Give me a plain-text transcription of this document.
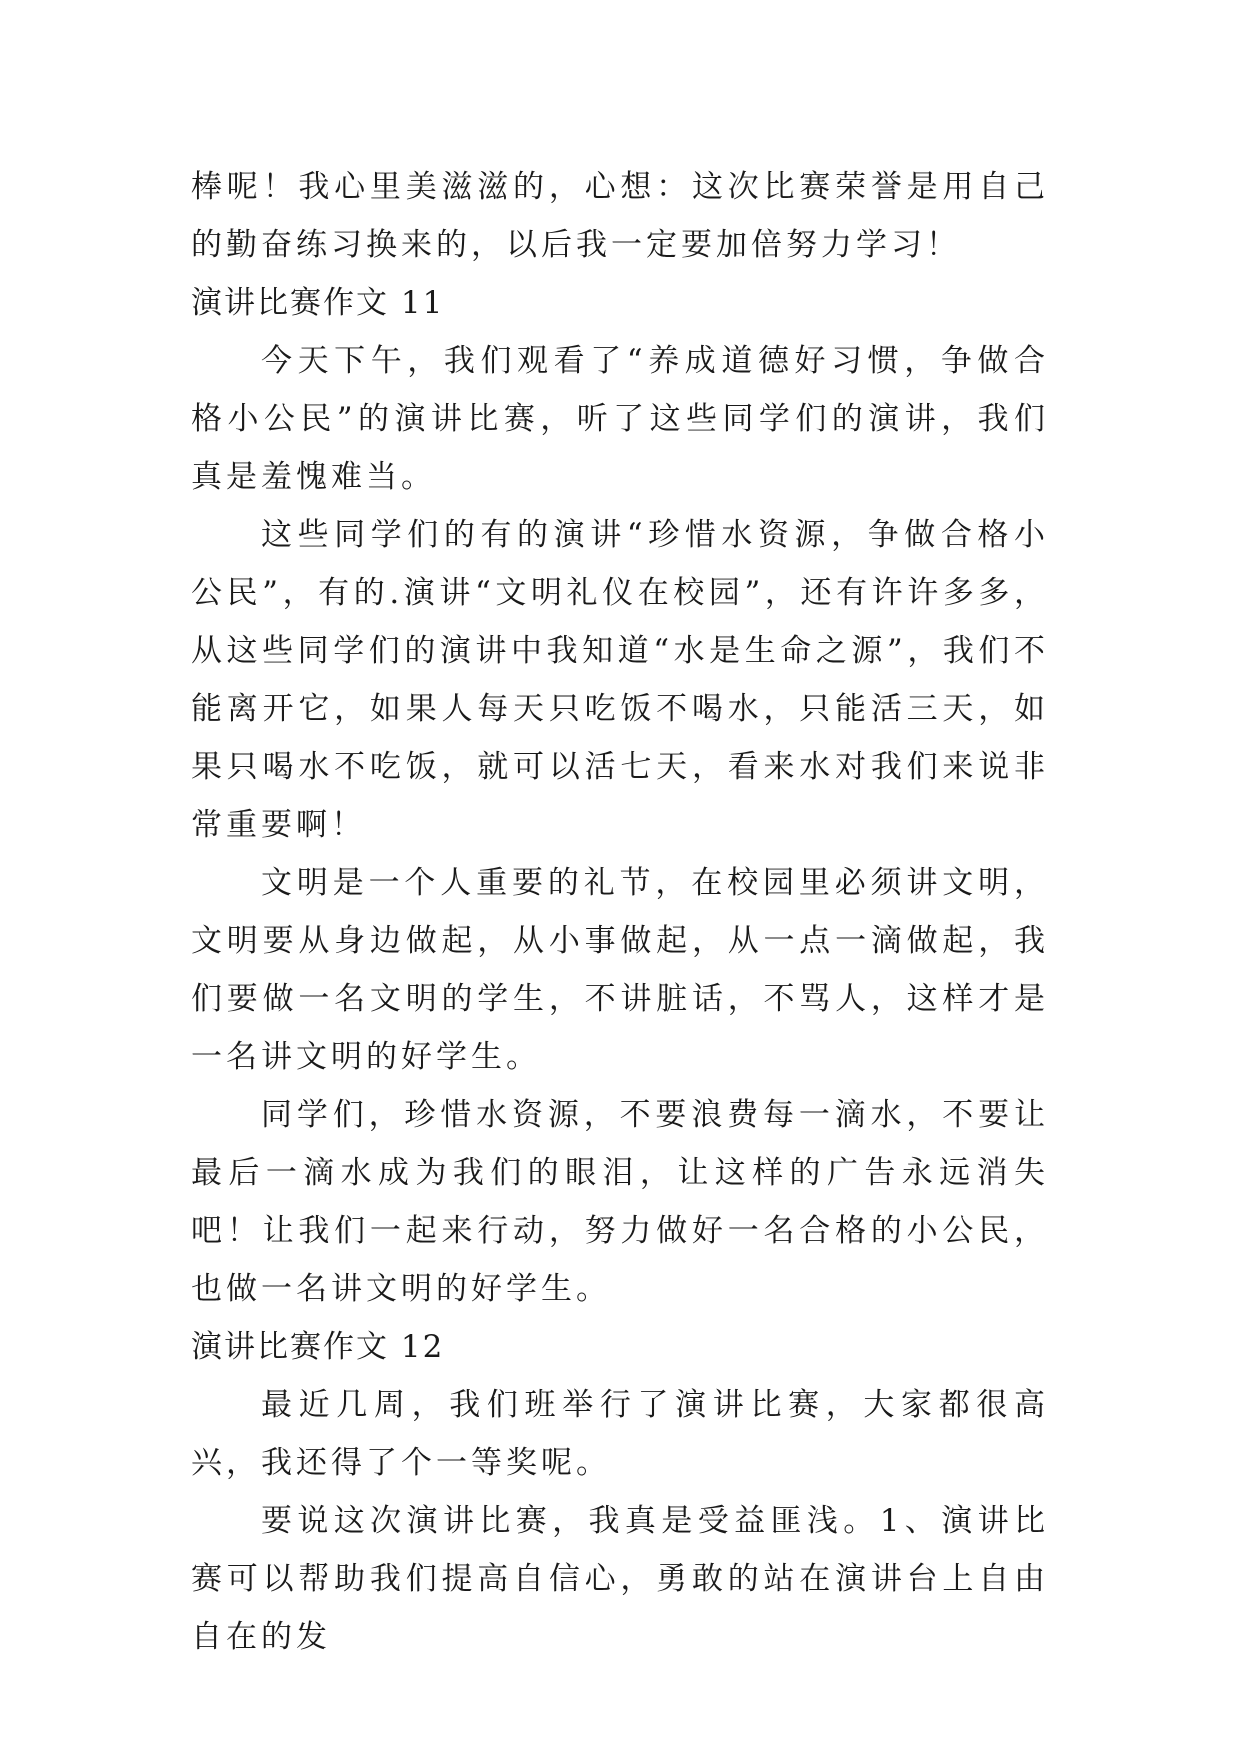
棒呢！我心里美滋滋的，心想：这次比赛荣誉是用自己的勤奋练习换来的，以后我一定要加倍努力学习！

演讲比赛作文 11

今天下午，我们观看了“养成道德好习惯，争做合格小公民”的演讲比赛，听了这些同学们的演讲，我们真是羞愧难当。

这些同学们的有的演讲“珍惜水资源，争做合格小公民”，有的.演讲“文明礼仪在校园”，还有许许多多，从这些同学们的演讲中我知道“水是生命之源”，我们不能离开它，如果人每天只吃饭不喝水，只能活三天，如果只喝水不吃饭，就可以活七天，看来水对我们来说非常重要啊！

文明是一个人重要的礼节，在校园里必须讲文明，文明要从身边做起，从小事做起，从一点一滴做起，我们要做一名文明的学生，不讲脏话，不骂人，这样才是一名讲文明的好学生。

同学们，珍惜水资源，不要浪费每一滴水，不要让最后一滴水成为我们的眼泪，让这样的广告永远消失吧！让我们一起来行动，努力做好一名合格的小公民，也做一名讲文明的好学生。

演讲比赛作文 12

最近几周，我们班举行了演讲比赛，大家都很高兴，我还得了个一等奖呢。

要说这次演讲比赛，我真是受益匪浅。1、演讲比赛可以帮助我们提高自信心，勇敢的站在演讲台上自由自在的发
